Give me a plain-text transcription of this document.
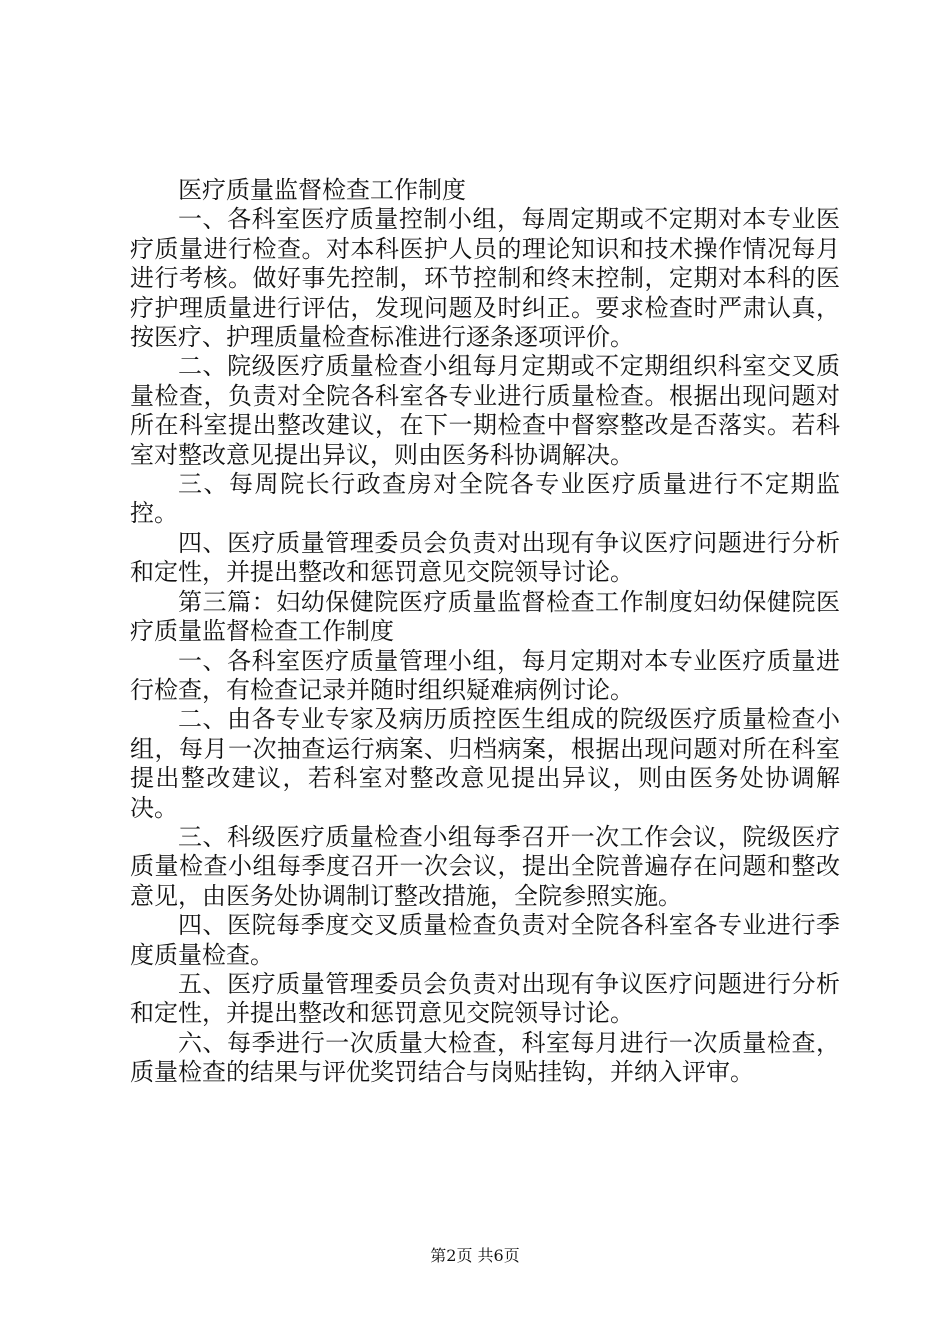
医疗质量监督检查工作制度

一、各科室医疗质量控制小组，每周定期或不定期对本专业医疗质量进行检查。对本科医护人员的理论知识和技术操作情况每月进行考核。做好事先控制，环节控制和终末控制，定期对本科的医疗护理质量进行评估，发现问题及时纠正。要求检查时严肃认真，按医疗、护理质量检查标准进行逐条逐项评价。

二、院级医疗质量检查小组每月定期或不定期组织科室交叉质量检查，负责对全院各科室各专业进行质量检查。根据出现问题对所在科室提出整改建议，在下一期检查中督察整改是否落实。若科室对整改意见提出异议，则由医务科协调解决。

三、每周院长行政查房对全院各专业医疗质量进行不定期监控。

四、医疗质量管理委员会负责对出现有争议医疗问题进行分析和定性，并提出整改和惩罚意见交院领导讨论。

第三篇：妇幼保健院医疗质量监督检查工作制度妇幼保健院医疗质量监督检查工作制度

一、各科室医疗质量管理小组，每月定期对本专业医疗质量进行检查，有检查记录并随时组织疑难病例讨论。

二、由各专业专家及病历质控医生组成的院级医疗质量检查小组，每月一次抽查运行病案、归档病案，根据出现问题对所在科室提出整改建议，若科室对整改意见提出异议，则由医务处协调解决。

三、科级医疗质量检查小组每季召开一次工作会议，院级医疗质量检查小组每季度召开一次会议，提出全院普遍存在问题和整改意见，由医务处协调制订整改措施，全院参照实施。

四、医院每季度交叉质量检查负责对全院各科室各专业进行季度质量检查。

五、医疗质量管理委员会负责对出现有争议医疗问题进行分析和定性，并提出整改和惩罚意见交院领导讨论。

六、每季进行一次质量大检查，科室每月进行一次质量检查，质量检查的结果与评优奖罚结合与岗贴挂钩，并纳入评审。

第2页 共6页
